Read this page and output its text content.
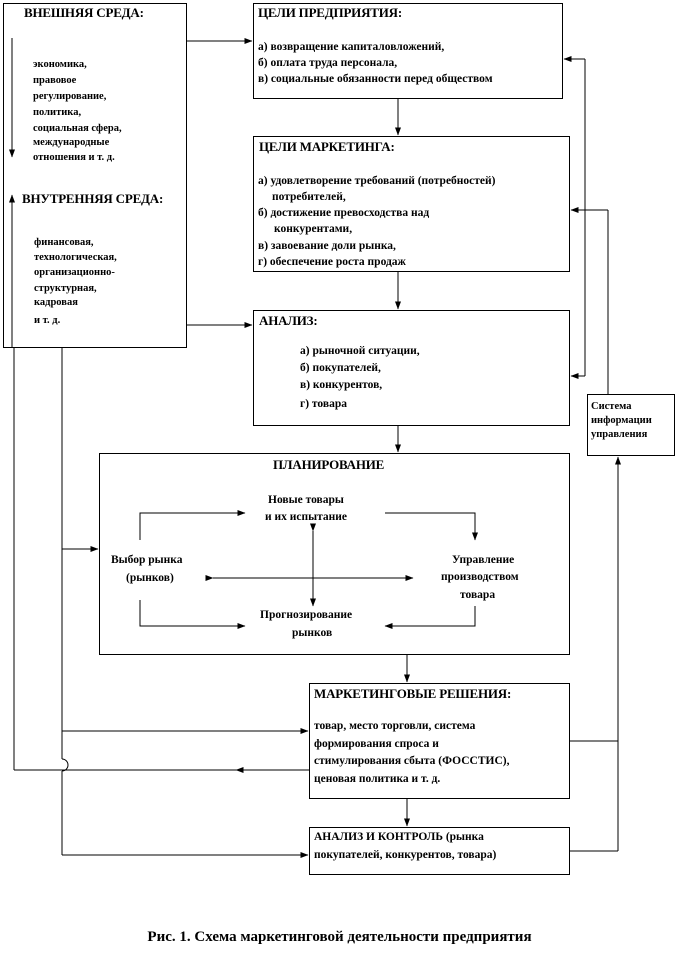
ВНЕШНЯЯ СРЕДА:
экономика,
правовое
регулирование,
политика,
социальная сфера,
международные
отношения и т. д.
ВНУТРЕННЯЯ СРЕДА:
финансовая,
технологическая,
организационно-
структурная,
кадровая
и т. д.
ЦЕЛИ ПРЕДПРИЯТИЯ:
а) возвращение капиталовложений,
б) оплата труда персонала,
в) социальные обязанности перед обществом
ЦЕЛИ МАРКЕТИНГА:
а) удовлетворение требований (потребностей)
потребителей,
б) достижение превосходства над
конкурентами,
в) завоевание доли рынка,
г) обеспечение роста продаж
АНАЛИЗ:
а) рыночной ситуации,
б) покупателей,
в) конкурентов,
г) товара	Система
информации
управления
ПЛАНИРОВАНИЕ
Новые товары
и их испытание
Выбор рынка
(рынков)
Управление
производством
товара
Прогнозирование
рынков
МАРКЕТИНГОВЫЕ РЕШЕНИЯ:
товар, место торговли, система
формирования спроса и
стимулирования сбыта (ФОССТИС),
ценовая политика и т. д.
АНАЛИЗ И КОНТРОЛЬ (рынка
покупателей, конкурентов, товара)
Рис. 1. Схема маркетинговой деятельности предприятия
